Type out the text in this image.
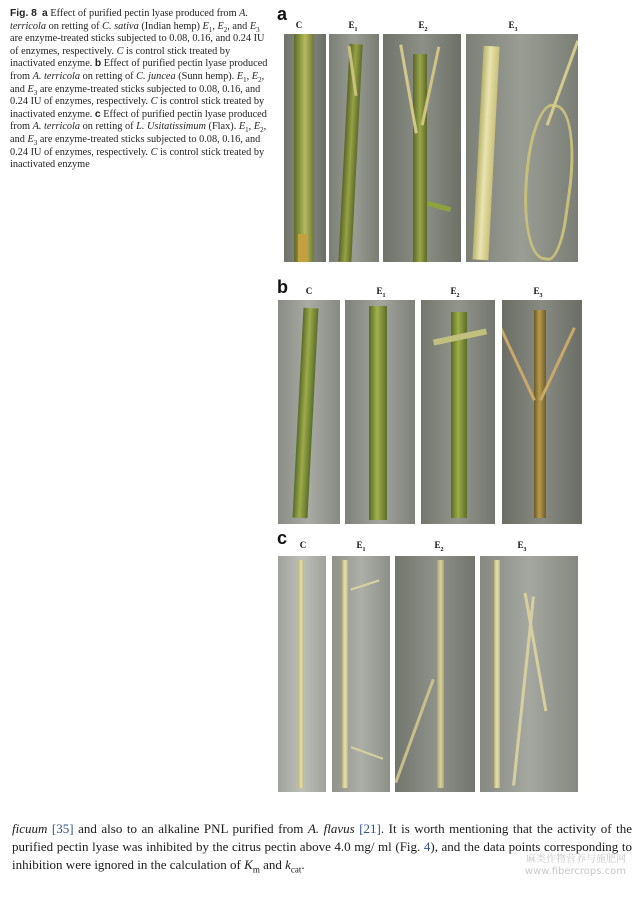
Fig. 8 a Effect of purified pectin lyase produced from A. terricola on retting of C. sativa (Indian hemp) $E_1$, $E_2$, and $E_3$ are enzyme-treated sticks subjected to 0.08, 0.16, and 0.24 IU of enzymes, respectively. C is control stick treated by inactivated enzyme. b Effect of purified pectin lyase produced from A. terricola on retting of C. juncea (Sunn hemp). $E_1$, $E_2$, and $E_3$ are enzyme-treated sticks subjected to 0.08, 0.16, and 0.24 IU of enzymes, respectively. C is control stick treated by inactivated enzyme. c Effect of purified pectin lyase produced from A. terricola on retting of L. Usitatissimum (Flax). $E_1$, $E_2$, and $E_3$ are enzyme-treated sticks subjected to 0.08, 0.16, and 0.24 IU of enzymes, respectively. C is control stick treated by inactivated enzyme
a
C	$E_1$	$E_2$	$E_3$
b	C	$E_1$	$E_2$	$E_3$
c	C	$E_1$	$E_2$	$E_3$
ficuum [35] and also to an alkaline PNL purified from A. flavus [21]. It is worth mentioning that the activity of the purified pectin lyase was inhibited by the citrus pectin above 4.0 mg/ ml (Fig. 4), and the data points corresponding to inhibition were ignored in the calculation of $K_m$ and $k_{cat}$.	麻类作物营养与施肥网
www.fibercrops.com
